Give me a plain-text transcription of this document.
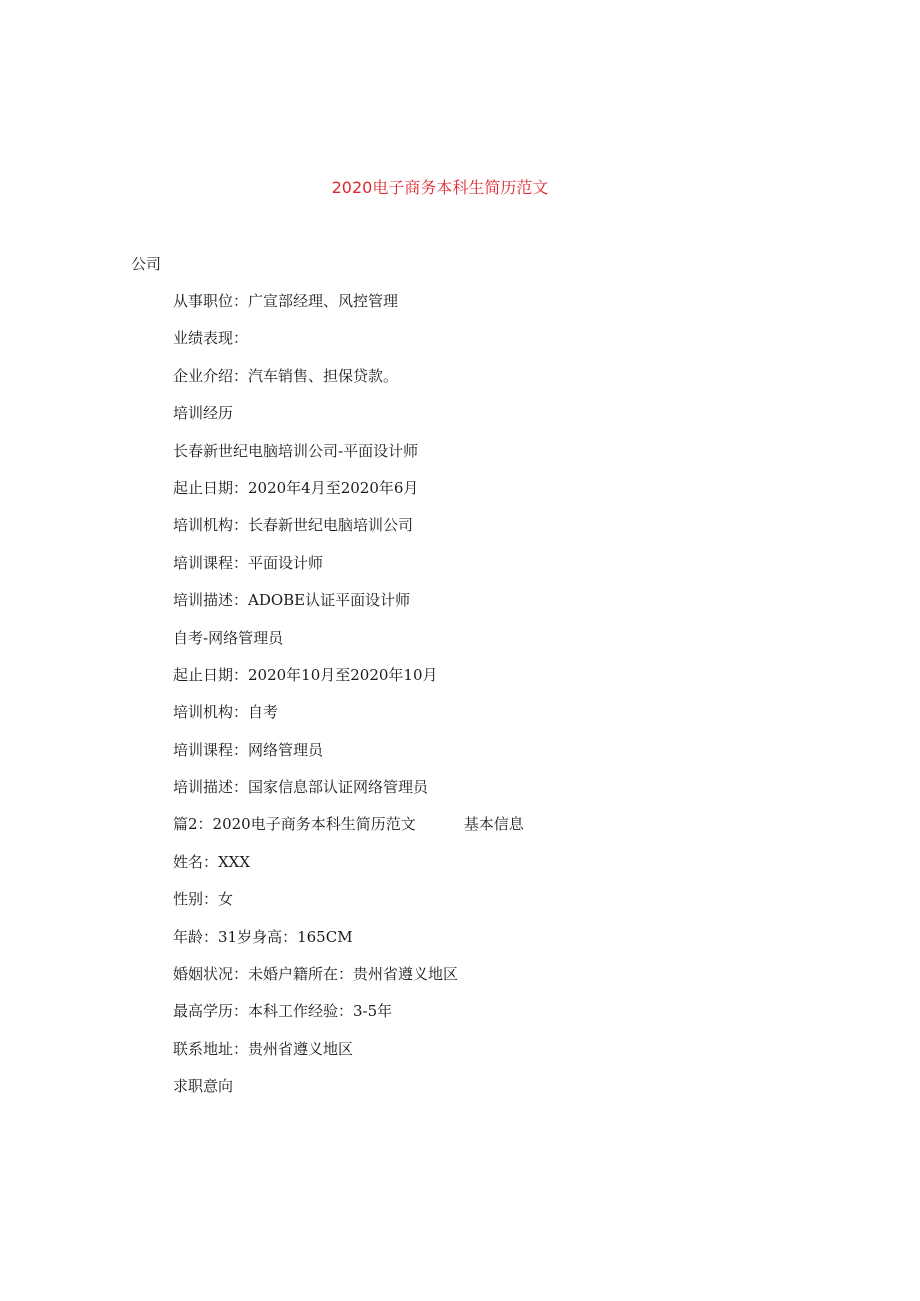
2020电子商务本科生简历范文

公司

从事职位：广宣部经理、风控管理
业绩表现：
企业介绍：汽车销售、担保贷款。
培训经历
长春新世纪电脑培训公司-平面设计师
起止日期：2020年4月至2020年6月
培训机构：长春新世纪电脑培训公司
培训课程：平面设计师
培训描述：ADOBE认证平面设计师
自考-网络管理员
起止日期：2020年10月至2020年10月
培训机构：自考
培训课程：网络管理员
培训描述：国家信息部认证网络管理员
篇2：2020电子商务本科生简历范文	基本信息
姓名：XXX
性别：女
年龄：31岁身高：165CM
婚姻状况：未婚户籍所在：贵州省遵义地区
最高学历：本科工作经验：3-5年
联系地址：贵州省遵义地区
求职意向
